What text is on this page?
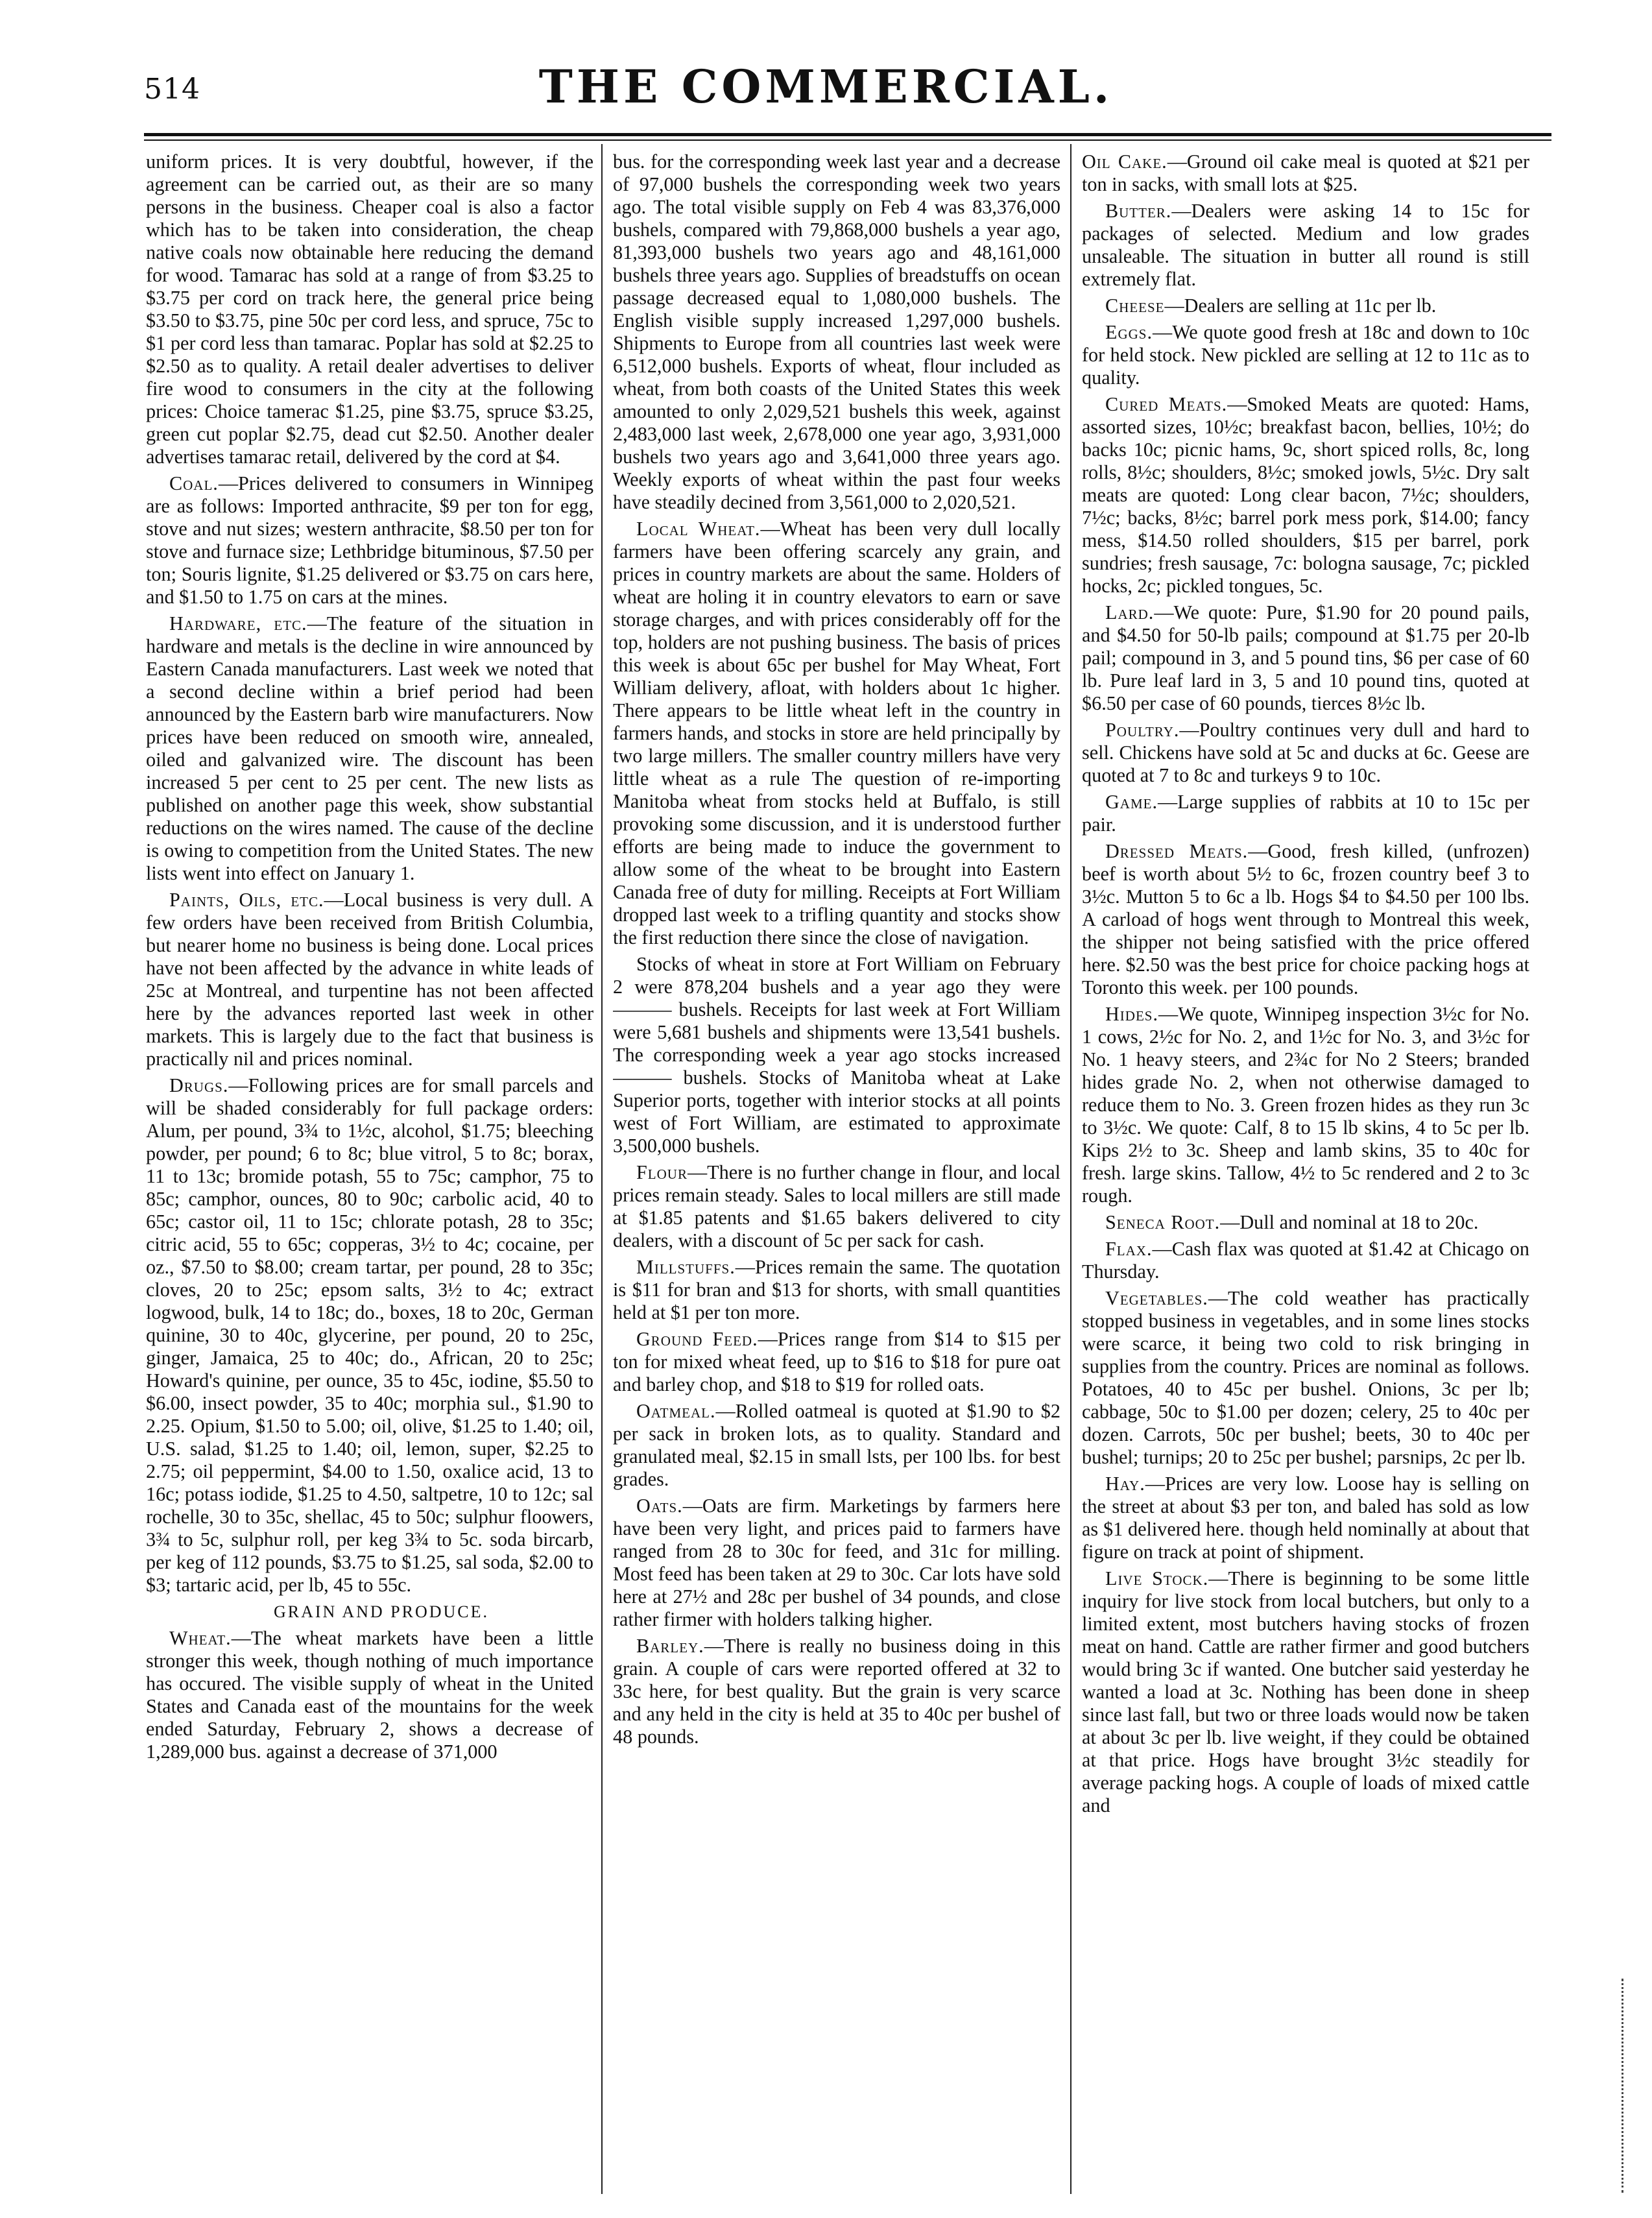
514	THE COMMERCIAL.

uniform prices. It is very doubtful, however, if the agreement can be carried out, as their are so many persons in the business. Cheaper coal is also a factor which has to be taken into consideration, the cheap native coals now obtainable here reducing the demand for wood. Tamarac has sold at a range of from $3.25 to $3.75 per cord on track here, the general price being $3.50 to $3.75, pine 50c per cord less, and spruce, 75c to $1 per cord less than tamarac. Poplar has sold at $2.25 to $2.50 as to quality. A retail dealer advertises to deliver fire wood to consumers in the city at the following prices: Choice tamerac $1.25, pine $3.75, spruce $3.25, green cut poplar $2.75, dead cut $2.50. Another dealer advertises tamarac retail, delivered by the cord at $4.

Coal.—Prices delivered to consumers in Winnipeg are as follows: Imported anthracite, $9 per ton for egg, stove and nut sizes; western anthracite, $8.50 per ton for stove and furnace size; Lethbridge bituminous, $7.50 per ton; Souris lignite, $1.25 delivered or $3.75 on cars here, and $1.50 to 1.75 on cars at the mines.

Hardware, etc.—The feature of the situation in hardware and metals is the decline in wire announced by Eastern Canada manufacturers. Last week we noted that a second decline within a brief period had been announced by the Eastern barb wire manufacturers. Now prices have been reduced on smooth wire, annealed, oiled and galvanized wire. The discount has been increased 5 per cent to 25 per cent. The new lists as published on another page this week, show substantial reductions on the wires named. The cause of the decline is owing to competition from the United States. The new lists went into effect on January 1.

Paints, Oils, etc.—Local business is very dull. A few orders have been received from British Columbia, but nearer home no business is being done. Local prices have not been affected by the advance in white leads of 25c at Montreal, and turpentine has not been affected here by the advances reported last week in other markets. This is largely due to the fact that business is practically nil and prices nominal.

Drugs.—Following prices are for small parcels and will be shaded considerably for full package orders: Alum, per pound, 3¾ to 1½c, alcohol, $1.75; bleeching powder, per pound; 6 to 8c; blue vitrol, 5 to 8c; borax, 11 to 13c; bromide potash, 55 to 75c; camphor, 75 to 85c; camphor, ounces, 80 to 90c; carbolic acid, 40 to 65c; castor oil, 11 to 15c; chlorate potash, 28 to 35c; citric acid, 55 to 65c; copperas, 3½ to 4c; cocaine, per oz., $7.50 to $8.00; cream tartar, per pound, 28 to 35c; cloves, 20 to 25c; epsom salts, 3½ to 4c; extract logwood, bulk, 14 to 18c; do., boxes, 18 to 20c, German quinine, 30 to 40c, glycerine, per pound, 20 to 25c, ginger, Jamaica, 25 to 40c; do., African, 20 to 25c; Howard's quinine, per ounce, 35 to 45c, iodine, $5.50 to $6.00, insect powder, 35 to 40c; morphia sul., $1.90 to 2.25. Opium, $1.50 to 5.00; oil, olive, $1.25 to 1.40; oil, U.S. salad, $1.25 to 1.40; oil, lemon, super, $2.25 to 2.75; oil peppermint, $4.00 to 1.50, oxalice acid, 13 to 16c; potass iodide, $1.25 to 4.50, saltpetre, 10 to 12c; sal rochelle, 30 to 35c, shellac, 45 to 50c; sulphur floowers, 3¾ to 5c, sulphur roll, per keg 3¾ to 5c. soda bircarb, per keg of 112 pounds, $3.75 to $1.25, sal soda, $2.00 to $3; tartaric acid, per lb, 45 to 55c.

GRAIN AND PRODUCE.

Wheat.—The wheat markets have been a little stronger this week, though nothing of much importance has occured. The visible supply of wheat in the United States and Canada east of the mountains for the week ended Saturday, February 2, shows a decrease of 1,289,000 bus. against a decrease of 371,000

bus. for the corresponding week last year and a decrease of 97,000 bushels the corresponding week two years ago. The total visible supply on Feb 4 was 83,376,000 bushels, compared with 79,868,000 bushels a year ago, 81,393,000 bushels two years ago and 48,161,000 bushels three years ago. Supplies of breadstuffs on ocean passage decreased equal to 1,080,000 bushels. The English visible supply increased 1,297,000 bushels. Shipments to Europe from all countries last week were 6,512,000 bushels. Exports of wheat, flour included as wheat, from both coasts of the United States this week amounted to only 2,029,521 bushels this week, against 2,483,000 last week, 2,678,000 one year ago, 3,931,000 bushels two years ago and 3,641,000 three years ago. Weekly exports of wheat within the past four weeks have steadily decined from 3,561,000 to 2,020,521.

Local Wheat.—Wheat has been very dull locally farmers have been offering scarcely any grain, and prices in country markets are about the same. Holders of wheat are holing it in country elevators to earn or save storage charges, and with prices considerably off for the top, holders are not pushing business. The basis of prices this week is about 65c per bushel for May Wheat, Fort William delivery, afloat, with holders about 1c higher. There appears to be little wheat left in the country in farmers hands, and stocks in store are held principally by two large millers. The smaller country millers have very little wheat as a rule The question of re-importing Manitoba wheat from stocks held at Buffalo, is still provoking some discussion, and it is understood further efforts are being made to induce the government to allow some of the wheat to be brought into Eastern Canada free of duty for milling. Receipts at Fort William dropped last week to a trifling quantity and stocks show the first reduction there since the close of navigation.

Stocks of wheat in store at Fort William on February 2 were 878,204 bushels and a year ago they were ——— bushels. Receipts for last week at Fort William were 5,681 bushels and shipments were 13,541 bushels. The corresponding week a year ago stocks increased ——— bushels. Stocks of Manitoba wheat at Lake Superior ports, together with interior stocks at all points west of Fort William, are estimated to approximate 3,500,000 bushels.

Flour—There is no further change in flour, and local prices remain steady. Sales to local millers are still made at $1.85 patents and $1.65 bakers delivered to city dealers, with a discount of 5c per sack for cash.

Millstuffs.—Prices remain the same. The quotation is $11 for bran and $13 for shorts, with small quantities held at $1 per ton more.

Ground Feed.—Prices range from $14 to $15 per ton for mixed wheat feed, up to $16 to $18 for pure oat and barley chop, and $18 to $19 for rolled oats.

Oatmeal.—Rolled oatmeal is quoted at $1.90 to $2 per sack in broken lots, as to quality. Standard and granulated meal, $2.15 in small lsts, per 100 lbs. for best grades.

Oats.—Oats are firm. Marketings by farmers here have been very light, and prices paid to farmers have ranged from 28 to 30c for feed, and 31c for milling. Most feed has been taken at 29 to 30c. Car lots have sold here at 27½ and 28c per bushel of 34 pounds, and close rather firmer with holders talking higher.

Barley.—There is really no business doing in this grain. A couple of cars were reported offered at 32 to 33c here, for best quality. But the grain is very scarce and any held in the city is held at 35 to 40c per bushel of 48 pounds.

Oil Cake.—Ground oil cake meal is quoted at $21 per ton in sacks, with small lots at $25.

Butter.—Dealers were asking 14 to 15c for packages of selected. Medium and low grades unsaleable. The situation in butter all round is still extremely flat.

Cheese—Dealers are selling at 11c per lb.

Eggs.—We quote good fresh at 18c and down to 10c for held stock. New pickled are selling at 12 to 11c as to quality.

Cured Meats.—Smoked Meats are quoted: Hams, assorted sizes, 10½c; breakfast bacon, bellies, 10½; do backs 10c; picnic hams, 9c, short spiced rolls, 8c, long rolls, 8½c; shoulders, 8½c; smoked jowls, 5½c. Dry salt meats are quoted: Long clear bacon, 7½c; shoulders, 7½c; backs, 8½c; barrel pork mess pork, $14.00; fancy mess, $14.50 rolled shoulders, $15 per barrel, pork sundries; fresh sausage, 7c: bologna sausage, 7c; pickled hocks, 2c; pickled tongues, 5c.

Lard.—We quote: Pure, $1.90 for 20 pound pails, and $4.50 for 50-lb pails; compound at $1.75 per 20-lb pail; compound in 3, and 5 pound tins, $6 per case of 60 lb. Pure leaf lard in 3, 5 and 10 pound tins, quoted at $6.50 per case of 60 pounds, tierces 8½c lb.

Poultry.—Poultry continues very dull and hard to sell. Chickens have sold at 5c and ducks at 6c. Geese are quoted at 7 to 8c and turkeys 9 to 10c.

Game.—Large supplies of rabbits at 10 to 15c per pair.

Dressed Meats.—Good, fresh killed, (unfrozen) beef is worth about 5½ to 6c, frozen country beef 3 to 3½c. Mutton 5 to 6c a lb. Hogs $4 to $4.50 per 100 lbs. A carload of hogs went through to Montreal this week, the shipper not being satisfied with the price offered here. $2.50 was the best price for choice packing hogs at Toronto this week. per 100 pounds.

Hides.—We quote, Winnipeg inspection 3½c for No. 1 cows, 2½c for No. 2, and 1½c for No. 3, and 3½c for No. 1 heavy steers, and 2¾c for No 2 Steers; branded hides grade No. 2, when not otherwise damaged to reduce them to No. 3. Green frozen hides as they run 3c to 3½c. We quote: Calf, 8 to 15 lb skins, 4 to 5c per lb. Kips 2½ to 3c. Sheep and lamb skins, 35 to 40c for fresh. large skins. Tallow, 4½ to 5c rendered and 2 to 3c rough.

Seneca Root.—Dull and nominal at 18 to 20c.

Flax.—Cash flax was quoted at $1.42 at Chicago on Thursday.

Vegetables.—The cold weather has practically stopped business in vegetables, and in some lines stocks were scarce, it being two cold to risk bringing in supplies from the country. Prices are nominal as follows. Potatoes, 40 to 45c per bushel. Onions, 3c per lb; cabbage, 50c to $1.00 per dozen; celery, 25 to 40c per dozen. Carrots, 50c per bushel; beets, 30 to 40c per bushel; turnips; 20 to 25c per bushel; parsnips, 2c per lb.

Hay.—Prices are very low. Loose hay is selling on the street at about $3 per ton, and baled has sold as low as $1 delivered here. though held nominally at about that figure on track at point of shipment.

Live Stock.—There is beginning to be some little inquiry for live stock from local butchers, but only to a limited extent, most butchers having stocks of frozen meat on hand. Cattle are rather firmer and good butchers would bring 3c if wanted. One butcher said yesterday he wanted a load at 3c. Nothing has been done in sheep since last fall, but two or three loads would now be taken at about 3c per lb. live weight, if they could be obtained at that price. Hogs have brought 3½c steadily for average packing hogs. A couple of loads of mixed cattle and
